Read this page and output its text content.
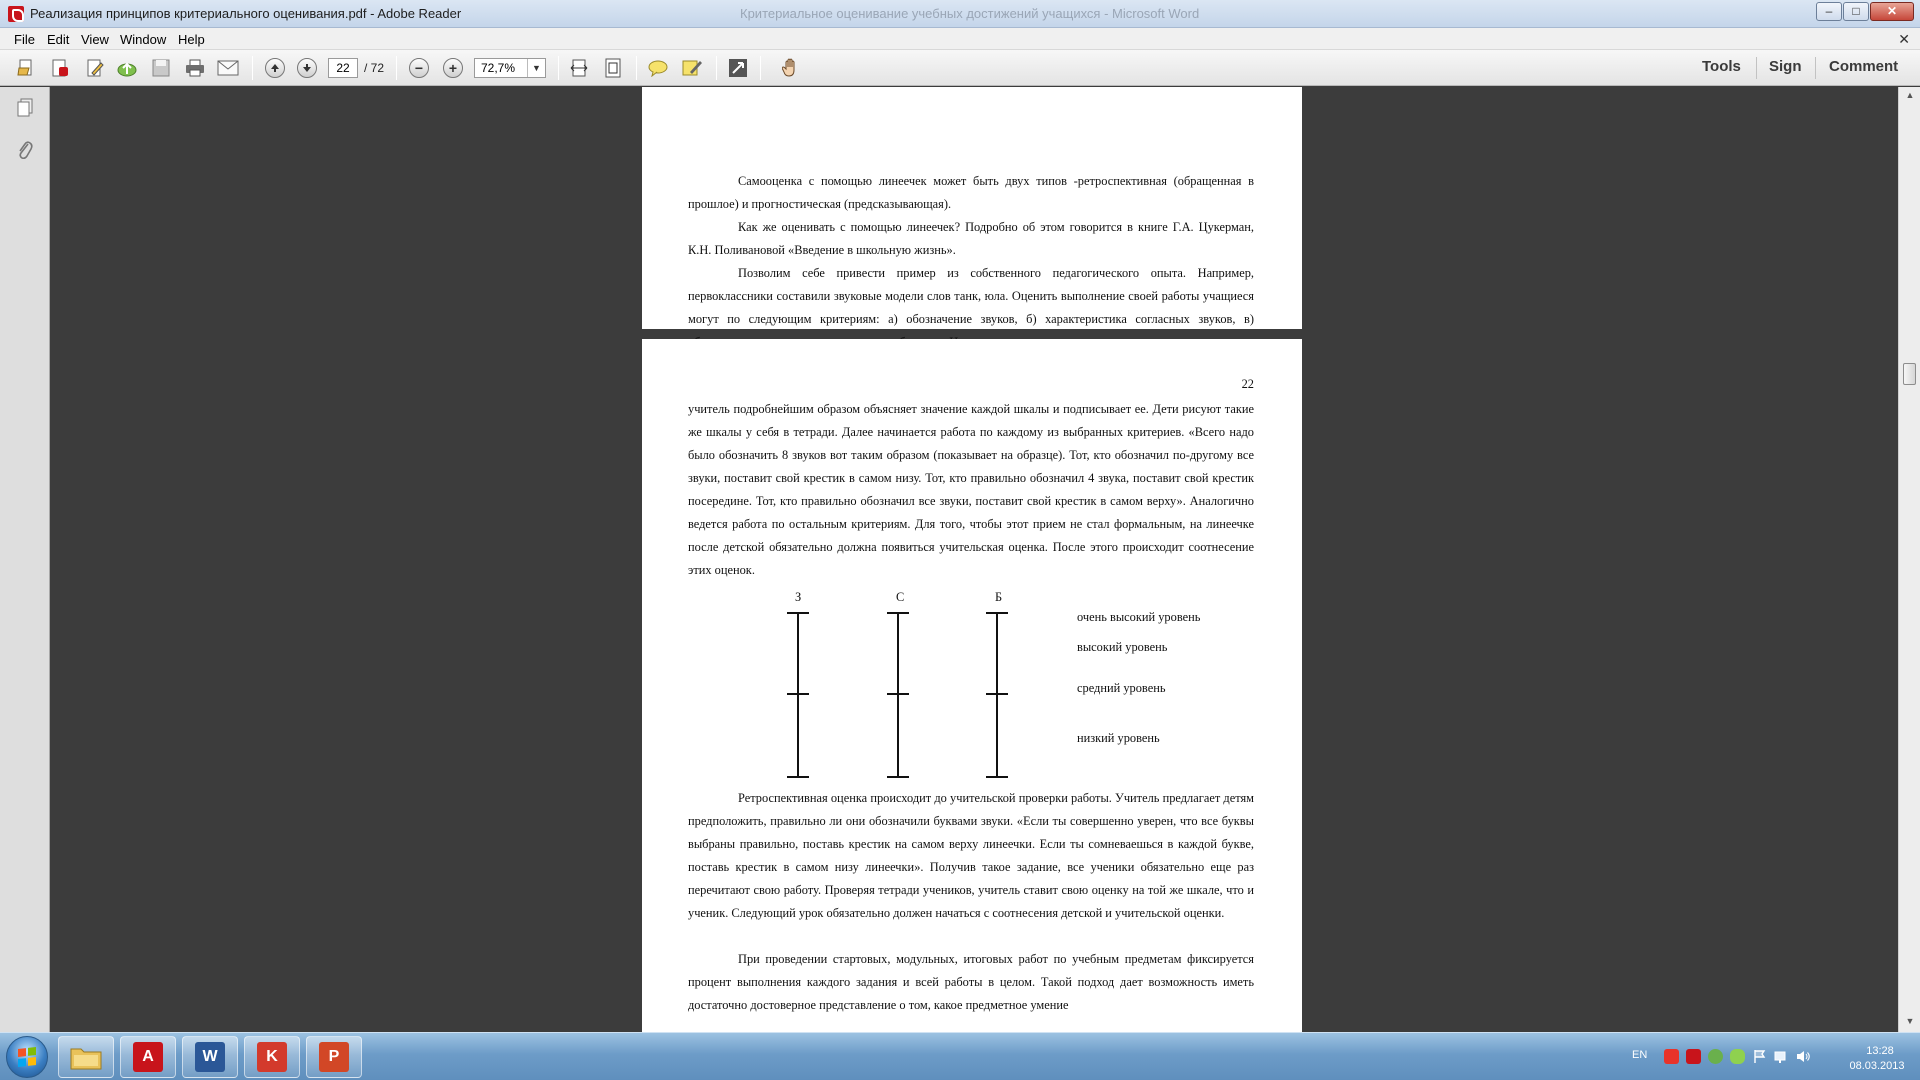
Реализация принципов критериального оценивания.pdf - Adobe Reader	Критериальное оценивание учебных достижений учащихся - Microsoft Word	–	□	✕
File Edit View Window Help	✕
22
/ 72	−	+
72,7%	▼	Tools Sign Comment

Самооценка с помощью линеечек может быть двух типов -ретроспективная (обращенная в прошлое) и прогностическая (предсказывающая).

Как же оценивать с помощью линеечек? Подробно об этом говорится в книге Г.А. Цукерман, К.Н. Поливановой «Введение в школьную жизнь».

Позволим себе привести пример из собственного педагогического опыта. Например, первоклассники составили звуковые модели слов танк, юла. Оценить выполнение своей работы учащиеся могут по следующим критериям: а) обозначение звуков, б) характеристика согласных звуков, в)

22

учитель подробнейшим образом объясняет значение каждой шкалы и подписывает ее. Дети рисуют такие же шкалы у себя в тетради. Далее начинается работа по каждому из выбранных критериев. «Всего надо было обозначить 8 звуков вот таким образом (показывает на образце). Тот, кто обозначил по-другому все звуки, поставит свой крестик в самом низу. Тот, кто правильно обозначил 4 звука, поставит свой крестик посередине. Тот, кто правильно обозначил все звуки, поставит свой крестик в самом верху». Аналогично ведется работа по остальным критериям. Для того, чтобы этот прием не стал формальным, на линеечке после детской обязательно должна появиться учительская оценка. После этого происходит соотнесение этих оценок.

З	С	Б
очень высокий уровень
высокий уровень
средний уровень
низкий уровень

Ретроспективная оценка происходит до учительской проверки работы. Учитель предлагает детям предположить, правильно ли они обозначили буквами звуки. «Если ты совершенно уверен, что все буквы выбраны правильно, поставь крестик на самом верху линеечки. Если ты сомневаешься в каждой букве, поставь крестик в самом низу линеечки». Получив такое задание, все ученики обязательно еще раз перечитают свою работу. Проверяя тетради учеников, учитель ставит свою оценку на той же шкале, что и ученик. Следующий урок обязательно должен начаться с соотнесения детской и учительской оценки.

При проведении стартовых, модульных, итоговых работ по учебным предметам фиксируется процент выполнения каждого задания и всей работы в целом. Такой подход дает возможность иметь достаточно достоверное представление о том, какое предметное умение

▲
▼
A	W	K	P	EN	13:28
08.03.2013
